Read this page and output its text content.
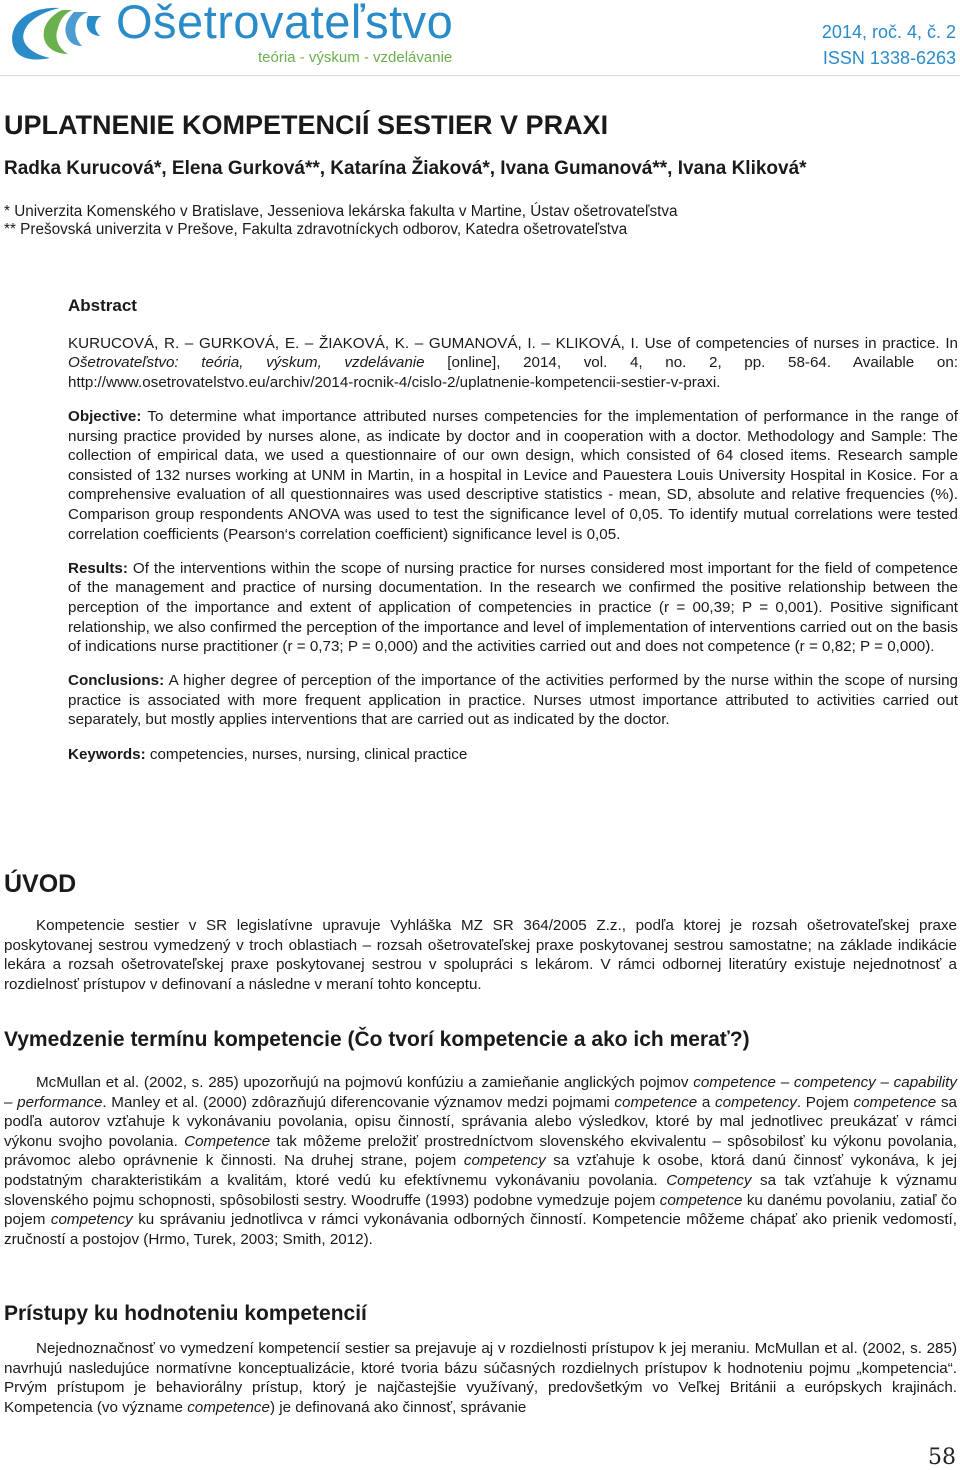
Ošetrovateľstvo
teória - výskum - vzdelávanie
2014, roč. 4, č. 2
ISSN 1338-6263
UPLATNENIE KOMPETENCIÍ SESTIER V PRAXI
Radka Kurucová*, Elena Gurková**, Katarína Žiaková*, Ivana Gumanová**, Ivana Kliková*
* Univerzita Komenského v Bratislave, Jesseniova lekárska fakulta v Martine, Ústav ošetrovateľstva
** Prešovská univerzita v Prešove, Fakulta zdravotníckych odborov, Katedra ošetrovateľstva

Abstract

KURUCOVÁ, R. – GURKOVÁ, E. – ŽIAKOVÁ, K. – GUMANOVÁ, I. – KLIKOVÁ, I. Use of competencies of nurses in practice. In Ošetrovateľstvo: teória, výskum, vzdelávanie [online], 2014, vol. 4, no. 2, pp. 58-64. Available on: http://www.osetrovatelstvo.eu/archiv/2014-rocnik-4/cislo-2/uplatnenie-kompetencii-sestier-v-praxi.

Objective: To determine what importance attributed nurses competencies for the implementation of performance in the range of nursing practice provided by nurses alone, as indicate by doctor and in cooperation with a doctor. Methodology and Sample: The collection of empirical data, we used a questionnaire of our own design, which consisted of 64 closed items. Research sample consisted of 132 nurses working at UNM in Martin, in a hospital in Levice and Pauestera Louis University Hospital in Kosice. For a comprehensive evaluation of all questionnaires was used descriptive statistics - mean, SD, absolute and relative frequencies (%). Comparison group respondents ANOVA was used to test the significance level of 0,05. To identify mutual correlations were tested correlation coefficients (Pearson‘s correlation coefficient) significance level is 0,05.

Results: Of the interventions within the scope of nursing practice for nurses considered most important for the field of competence of the management and practice of nursing documentation. In the research we confirmed the positive relationship between the perception of the importance and extent of application of competencies in practice (r = 00,39; P = 0,001). Positive significant relationship, we also confirmed the perception of the importance and level of implementation of interventions carried out on the basis of indications nurse practitioner (r = 0,73; P = 0,000) and the activities carried out and does not competence (r = 0,82; P = 0,000).

Conclusions: A higher degree of perception of the importance of the activities performed by the nurse within the scope of nursing practice is associated with more frequent application in practice. Nurses utmost importance attributed to activities carried out separately, but mostly applies interventions that are carried out as indicated by the doctor.

Keywords: competencies, nurses, nursing, clinical practice

ÚVOD

Kompetencie sestier v SR legislatívne upravuje Vyhláška MZ SR 364/2005 Z.z., podľa ktorej je rozsah ošetrovateľskej praxe poskytovanej sestrou vymedzený v troch oblastiach – rozsah ošetrovateľskej praxe poskytovanej sestrou samostatne; na základe indikácie lekára a rozsah ošetrovateľskej praxe poskytovanej sestrou v spolupráci s lekárom. V rámci odbornej literatúry existuje nejednotnosť a rozdielnosť prístupov v definovaní a následne v meraní tohto konceptu.

Vymedzenie termínu kompetencie (Čo tvorí kompetencie a ako ich merať?)

McMullan et al. (2002, s. 285) upozorňujú na pojmovú konfúziu a zamieňanie anglických pojmov competence – competency – capability – performance. Manley et al. (2000) zdôrazňujú diferencovanie významov medzi pojmami competence a competency. Pojem competence sa podľa autorov vzťahuje k vykonávaniu povolania, opisu činností, správania alebo výsledkov, ktoré by mal jednotlivec preukázať v rámci výkonu svojho povolania. Competence tak môžeme preložiť prostredníctvom slovenského ekvivalentu – spôsobilosť ku výkonu povolania, právomoc alebo oprávnenie k činnosti. Na druhej strane, pojem competency sa vzťahuje k osobe, ktorá danú činnosť vykonáva, k jej podstatným charakteristikám a kvalitám, ktoré vedú ku efektívnemu vykonávaniu povolania. Competency sa tak vzťahuje k významu slovenského pojmu schopnosti, spôsobilosti sestry. Woodruffe (1993) podobne vymedzuje pojem competence ku danému povolaniu, zatiaľ čo pojem competency ku správaniu jednotlivca v rámci vykonávania odborných činností. Kompetencie môžeme chápať ako prienik vedomostí, zručností a postojov (Hrmo, Turek, 2003; Smith, 2012).

Prístupy ku hodnoteniu kompetencií

Nejednoznačnosť vo vymedzení kompetencií sestier sa prejavuje aj v rozdielnosti prístupov k jej meraniu. McMullan et al. (2002, s. 285) navrhujú nasledujúce normatívne konceptualizácie, ktoré tvoria bázu súčasných rozdielnych prístupov k hodnoteniu pojmu „kompetencia“. Prvým prístupom je behaviorálny prístup, ktorý je najčastejšie využívaný, predovšetkým vo Veľkej Británii a európskych krajinách. Kompetencia (vo význame competence) je definovaná ako činnosť, správanie

58
